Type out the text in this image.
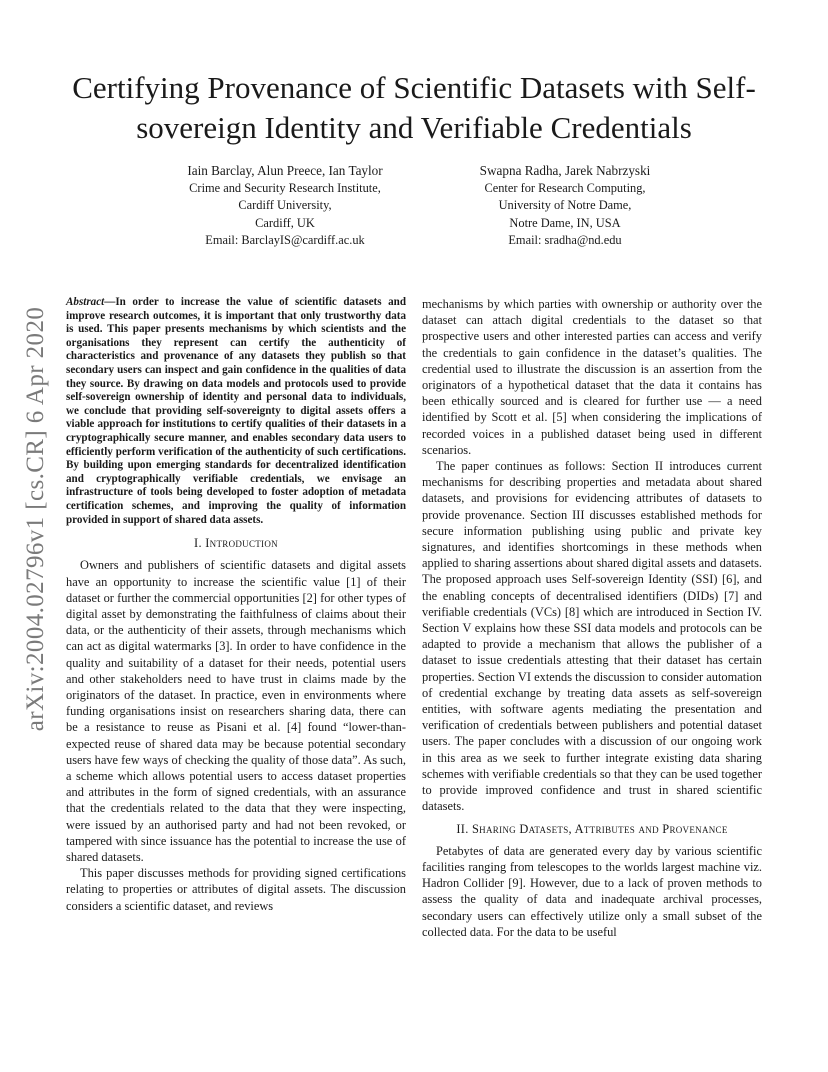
Certifying Provenance of Scientific Datasets with Self-sovereign Identity and Verifiable Credentials
Iain Barclay, Alun Preece, Ian Taylor
Crime and Security Research Institute,
Cardiff University,
Cardiff, UK
Email: BarclayIS@cardiff.ac.uk
Swapna Radha, Jarek Nabrzyski
Center for Research Computing,
University of Notre Dame,
Notre Dame, IN, USA
Email: sradha@nd.edu
arXiv:2004.02796v1 [cs.CR] 6 Apr 2020

Abstract—In order to increase the value of scientific datasets and improve research outcomes, it is important that only trustworthy data is used. This paper presents mechanisms by which scientists and the organisations they represent can certify the authenticity of characteristics and provenance of any datasets they publish so that secondary users can inspect and gain confidence in the qualities of data they source. By drawing on data models and protocols used to provide self-sovereign ownership of identity and personal data to individuals, we conclude that providing self-sovereignty to digital assets offers a viable approach for institutions to certify qualities of their datasets in a cryptographically secure manner, and enables secondary data users to efficiently perform verification of the authenticity of such certifications. By building upon emerging standards for decentralized identification and cryptographically verifiable credentials, we envisage an infrastructure of tools being developed to foster adoption of metadata certification schemes, and improving the quality of information provided in support of shared data assets.

I. Introduction

Owners and publishers of scientific datasets and digital assets have an opportunity to increase the scientific value [1] of their dataset or further the commercial opportunities [2] for other types of digital asset by demonstrating the faithfulness of claims about their data, or the authenticity of their assets, through mechanisms which can act as digital watermarks [3]. In order to have confidence in the quality and suitability of a dataset for their needs, potential users and other stakeholders need to have trust in claims made by the originators of the dataset. In practice, even in environments where funding organisations insist on researchers sharing data, there can be a resistance to reuse as Pisani et al. [4] found “lower-than-expected reuse of shared data may be because potential secondary users have few ways of checking the quality of those data”. As such, a scheme which allows potential users to access dataset properties and attributes in the form of signed credentials, with an assurance that the credentials related to the data that they were inspecting, were issued by an authorised party and had not been revoked, or tampered with since issuance has the potential to increase the use of shared datasets.

This paper discusses methods for providing signed certifications relating to properties or attributes of digital assets. The discussion considers a scientific dataset, and reviews

mechanisms by which parties with ownership or authority over the dataset can attach digital credentials to the dataset so that prospective users and other interested parties can access and verify the credentials to gain confidence in the dataset’s qualities. The credential used to illustrate the discussion is an assertion from the originators of a hypothetical dataset that the data it contains has been ethically sourced and is cleared for further use — a need identified by Scott et al. [5] when considering the implications of recorded voices in a published dataset being used in different scenarios.

The paper continues as follows: Section II introduces current mechanisms for describing properties and metadata about shared datasets, and provisions for evidencing attributes of datasets to provide provenance. Section III discusses established methods for secure information publishing using public and private key signatures, and identifies shortcomings in these methods when applied to sharing assertions about shared digital assets and datasets. The proposed approach uses Self-sovereign Identity (SSI) [6], and the enabling concepts of decentralised identifiers (DIDs) [7] and verifiable credentials (VCs) [8] which are introduced in Section IV. Section V explains how these SSI data models and protocols can be adapted to provide a mechanism that allows the publisher of a dataset to issue credentials attesting that their dataset has certain properties. Section VI extends the discussion to consider automation of credential exchange by treating data assets as self-sovereign entities, with software agents mediating the presentation and verification of credentials between publishers and potential dataset users. The paper concludes with a discussion of our ongoing work in this area as we seek to further integrate existing data sharing schemes with verifiable credentials so that they can be used together to provide improved confidence and trust in shared scientific datasets.

II. Sharing Datasets, Attributes and Provenance

Petabytes of data are generated every day by various scientific facilities ranging from telescopes to the worlds largest machine viz. Hadron Collider [9]. However, due to a lack of proven methods to assess the quality of data and inadequate archival processes, secondary users can effectively utilize only a small subset of the collected data. For the data to be useful
